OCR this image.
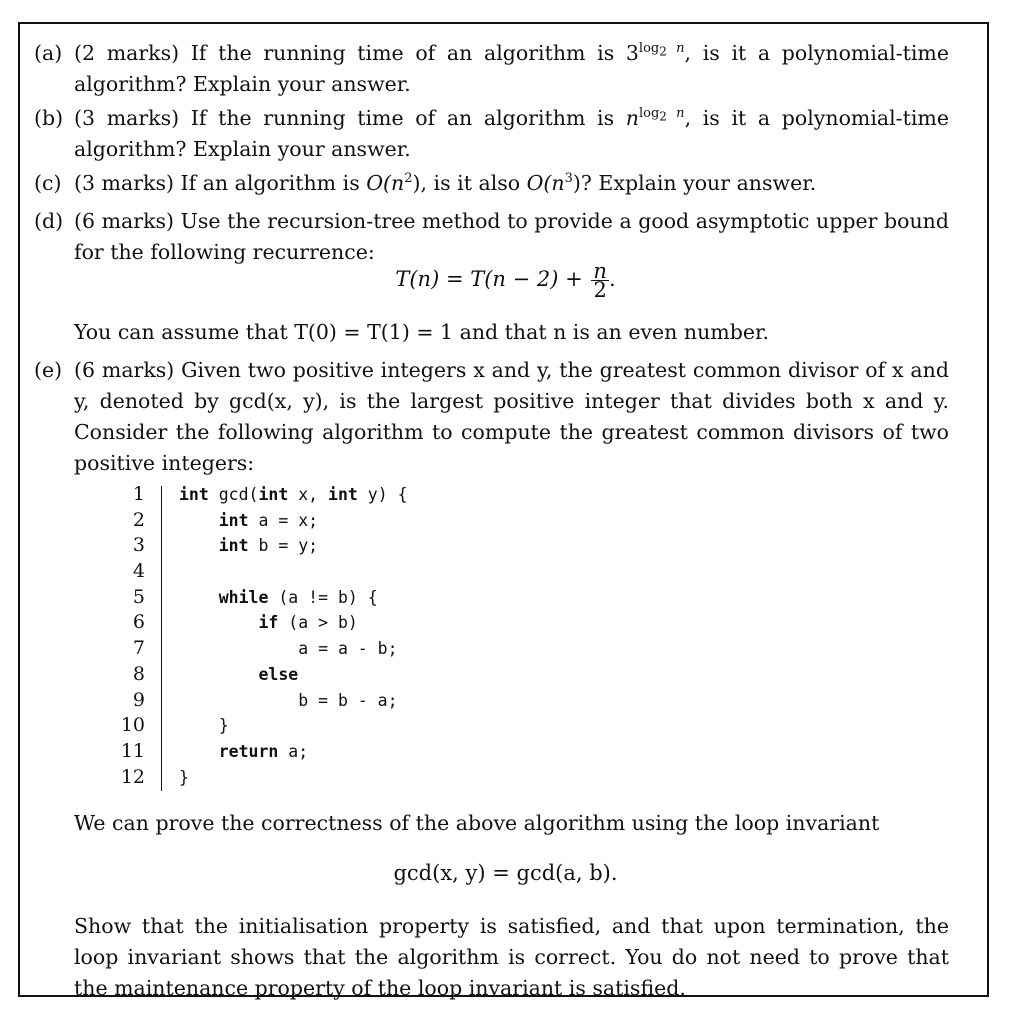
(a) (2 marks) If the running time of an algorithm is $3^{log_2 n}$, is it a polynomial-time algorithm? Explain your answer.
(b) (3 marks) If the running time of an algorithm is $n^{log_2 n}$, is it a polynomial-time algorithm? Explain your answer.
(c) (3 marks) If an algorithm is $O(n^2)$, is it also $O(n^3)$? Explain your answer.
(d) (6 marks) Use the recursion-tree method to provide a good asymptotic upper bound for the following recurrence:
$T(n) = T(n - 2) + \frac{n}{2}$ .
You can assume that T(0) = T(1) = 1 and that n is an even number.
(e) (6 marks) Given two positive integers x and y, the greatest common divisor of x and y, denoted by gcd(x, y), is the largest positive integer that divides both x and y. Consider the following algorithm to compute the greatest common divisors of two positive integers:
1 int gcd(int x, int y) {
2 int a = x;
3 int b = y;
4
5 while (a != b) {
6 if (a > b)
7 a = a - b;
8 else
9 b = b - a;
10 }
11 return a;
12 }
We can prove the correctness of the above algorithm using the loop invariant
gcd(x, y) = gcd(a, b).
Show that the initialisation property is satisfied, and that upon termination, the loop invariant shows that the algorithm is correct. You do not need to prove that the maintenance property of the loop invariant is satisfied.
